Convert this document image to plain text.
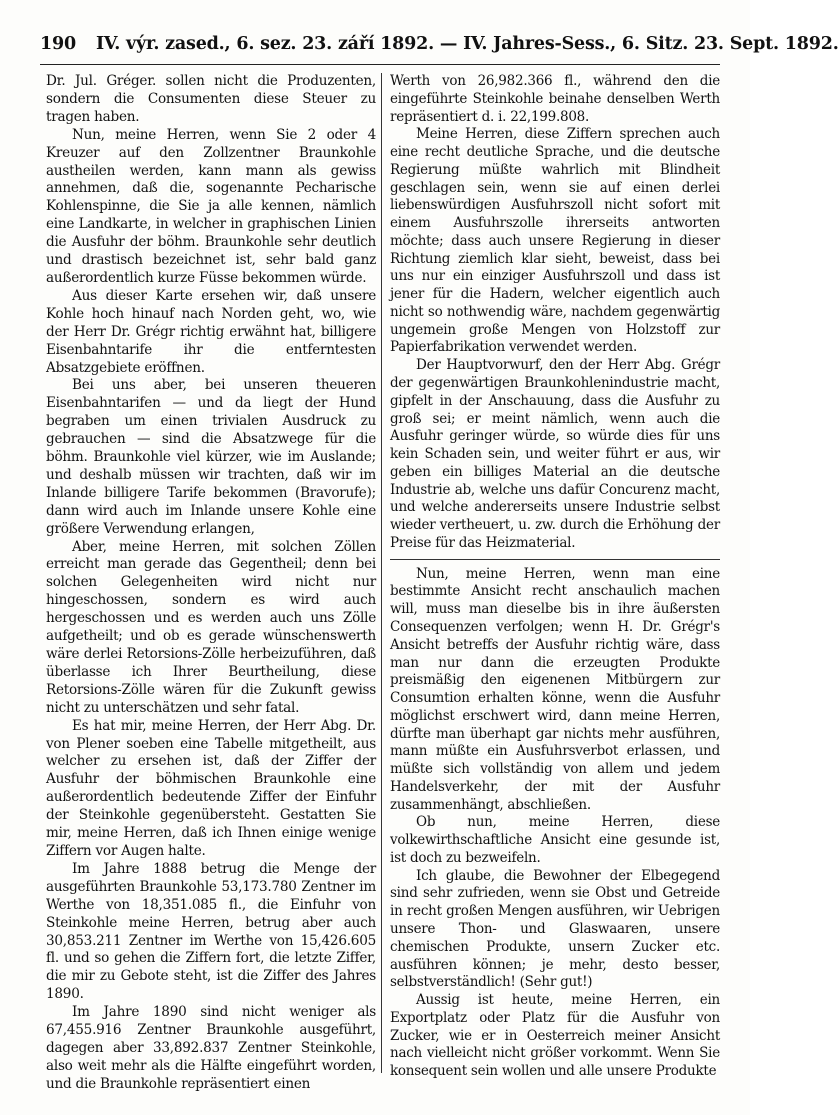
190 IV. výr. zased., 6. sez. 23. září 1892. — IV. Jahres-Sess., 6. Sitz. 23. Sept. 1892.

Dr. Jul. Gréger. sollen nicht die Produzenten, sondern die Consumenten diese Steuer zu tragen haben.

Nun, meine Herren, wenn Sie 2 oder 4 Kreuzer auf den Zollzentner Braunkohle austheilen werden, kann mann als gewiss annehmen, daß die, sogenannte Pecharische Kohlenspinne, die Sie ja alle kennen, nämlich eine Landkarte, in welcher in graphischen Linien die Ausfuhr der böhm. Braunkohle sehr deutlich und drastisch bezeichnet ist, sehr bald ganz außerordentlich kurze Füsse bekommen würde.

Aus dieser Karte ersehen wir, daß unsere Kohle hoch hinauf nach Norden geht, wo, wie der Herr Dr. Grégr richtig erwähnt hat, billigere Eisenbahntarife ihr die entferntesten Absatzgebiete eröffnen.

Bei uns aber, bei unseren theueren Eisenbahntarifen — und da liegt der Hund begraben um einen trivialen Ausdruck zu gebrauchen — sind die Absatzwege für die böhm. Braunkohle viel kürzer, wie im Auslande; und deshalb müssen wir trachten, daß wir im Inlande billigere Tarife bekommen (Bravorufe); dann wird auch im Inlande unsere Kohle eine größere Verwendung erlangen,

Aber, meine Herren, mit solchen Zöllen erreicht man gerade das Gegentheil; denn bei solchen Gelegenheiten wird nicht nur hingeschossen, sondern es wird auch hergeschossen und es werden auch uns Zölle aufgetheilt; und ob es gerade wünschenswerth wäre derlei Retorsions-Zölle herbeizuführen, daß überlasse ich Ihrer Beurtheilung, diese Retorsions-Zölle wären für die Zukunft gewiss nicht zu unterschätzen und sehr fatal.

Es hat mir, meine Herren, der Herr Abg. Dr. von Plener soeben eine Tabelle mitgetheilt, aus welcher zu ersehen ist, daß der Ziffer der Ausfuhr der böhmischen Braunkohle eine außerordentlich bedeutende Ziffer der Einfuhr der Steinkohle gegenübersteht. Gestatten Sie mir, meine Herren, daß ich Ihnen einige wenige Ziffern vor Augen halte.

Im Jahre 1888 betrug die Menge der ausgeführten Braunkohle 53,173.780 Zentner im Werthe von 18,351.085 fl., die Einfuhr von Steinkohle meine Herren, betrug aber auch 30,853.211 Zentner im Werthe von 15,426.605 fl. und so gehen die Ziffern fort, die letzte Ziffer, die mir zu Gebote steht, ist die Ziffer des Jahres 1890.

Im Jahre 1890 sind nicht weniger als 67,455.916 Zentner Braunkohle ausgeführt, dagegen aber 33,892.837 Zentner Steinkohle, also weit mehr als die Hälfte eingeführt worden, und die Braunkohle repräsentiert einen

Werth von 26,982.366 fl., während den die eingeführte Steinkohle beinahe denselben Werth repräsentiert d. i. 22,199.808.

Meine Herren, diese Ziffern sprechen auch eine recht deutliche Sprache, und die deutsche Regierung müßte wahrlich mit Blindheit geschlagen sein, wenn sie auf einen derlei liebenswürdigen Ausfuhrszoll nicht sofort mit einem Ausfuhrszolle ihrerseits antworten möchte; dass auch unsere Regierung in dieser Richtung ziemlich klar sieht, beweist, dass bei uns nur ein einziger Ausfuhrszoll und dass ist jener für die Hadern, welcher eigentlich auch nicht so nothwendig wäre, nachdem gegenwärtig ungemein große Mengen von Holzstoff zur Papierfabrikation verwendet werden.

Der Hauptvorwurf, den der Herr Abg. Grégr der gegenwärtigen Braunkohlenindustrie macht, gipfelt in der Anschauung, dass die Ausfuhr zu groß sei; er meint nämlich, wenn auch die Ausfuhr geringer würde, so würde dies für uns kein Schaden sein, und weiter führt er aus, wir geben ein billiges Material an die deutsche Industrie ab, welche uns dafür Concurenz macht, und welche andererseits unsere Industrie selbst wieder vertheuert, u. zw. durch die Erhöhung der Preise für das Heizmaterial.

Nun, meine Herren, wenn man eine bestimmte Ansicht recht anschaulich machen will, muss man dieselbe bis in ihre äußersten Consequenzen verfolgen; wenn H. Dr. Grégr's Ansicht betreffs der Ausfuhr richtig wäre, dass man nur dann die erzeugten Produkte preismäßig den eigenenen Mitbürgern zur Consumtion erhalten könne, wenn die Ausfuhr möglichst erschwert wird, dann meine Herren, dürfte man überhapt gar nichts mehr ausführen, mann müßte ein Ausfuhrsverbot erlassen, und müßte sich vollständig von allem und jedem Handelsverkehr, der mit der Ausfuhr zusammenhängt, abschließen.

Ob nun, meine Herren, diese volkewirthschaftliche Ansicht eine gesunde ist, ist doch zu bezweifeln.

Ich glaube, die Bewohner der Elbegegend sind sehr zufrieden, wenn sie Obst und Getreide in recht großen Mengen ausführen, wir Uebrigen unsere Thon- und Glaswaaren, unsere chemischen Produkte, unsern Zucker etc. ausführen können; je mehr, desto besser, selbstverständlich! (Sehr gut!)

Aussig ist heute, meine Herren, ein Exportplatz oder Platz für die Ausfuhr von Zucker, wie er in Oesterreich meiner Ansicht nach vielleicht nicht größer vorkommt. Wenn Sie konsequent sein wollen und alle unsere Produkte
